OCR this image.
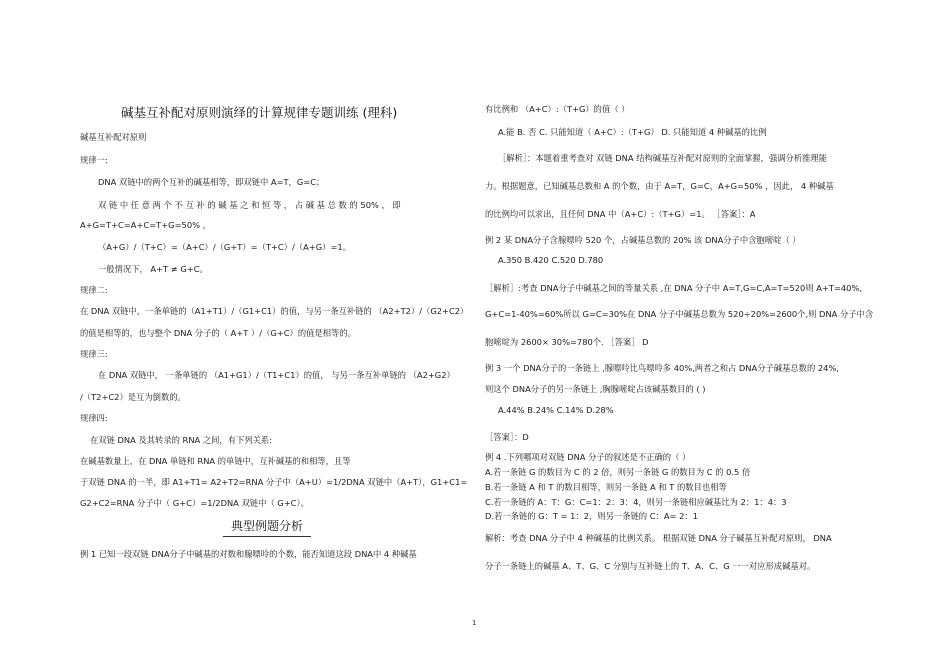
碱基互补配对原则演绎的计算规律专题训练 (理科)
碱基互补配对原则
规律一:
DNA 双链中的两个互补的碱基相等，即双链中 A=T，G=C；
双 链 中 任 意 两 个 不 互 补 的 碱 基 之 和 恒 等 ， 占 碱 基 总 数 的 50% ， 即
A+G=T+C=A+C=T+G=50% ，
（A+G）/（T+C）=（A+C）/（G+T）=（T+C）/（A+G）=1。
一般情况下， A+T ≠ G+C。
规律二:
在 DNA 双链中，一条单链的（A1+T1）/（G1+C1）的值，与另一条互补链的 （A2+T2）/（G2+C2）
的值是相等的，也与整个 DNA 分子的（ A+T ）/（G+C）的值是相等的。
规律三:
在 DNA 双链中， 一条单链的 （A1+G1）/（T1+C1）的值， 与另一条互补单链的 （A2+G2）
/（T2+C2）是互为倒数的。
规律四:
在双链 DNA 及其转录的 RNA 之间，有下列关系:
在碱基数量上，在 DNA 单链和 RNA 的单链中，互补碱基的和相等，且等
于双链 DNA 的一半，即 A1+T1= A2+T2=RNA 分子中（A+U）=1/2DNA 双链中（A+T），G1+C1=
G2+C2=RNA 分子中（ G+C）=1/2DNA 双链中（ G+C）。
典型例题分析
例 1 已知一段双链 DNA分子中碱基的对数和腺嘌呤的个数，能否知道这段 DNA中 4 种碱基
有比例和 （A+C）:（T+G）的值（ ）
A.能 B. 否 C. 只能知道（ A+C）:（T+G） D. 只能知道 4 种碱基的比例
［解析］：本题着重考查对 双链 DNA 结构碱基互补配对原则的全面掌握，强调分析推理能
力。根据题意，已知碱基总数和 A 的个数，由于 A=T，G=C，A+G=50% ，因此， 4 种碱基
的比例均可以求出，且任何 DNA 中（A+C）:（T+G）=1。 ［答案］：A
例 2 某 DNA分子含腺嘌呤 520 个，占碱基总数的 20% 该 DNA分子中含胞嘧啶（ ）
A.350 B.420 C.520 D.780
［解析］:考查 DNA分子中碱基之间的等量关系 ,在 DNA 分子中 A=T,G=C,A=T=520则 A+T=40%,
G+C=1-40%=60%所以 G=C=30%在 DNA 分子中碱基总数为 520÷20%=2600个,则 DNA 分子中含
胞嘧啶为 2600× 30%=780个. ［答案］ D
例 3 一个 DNA分子的一条链上 ,腺嘌呤比鸟嘌呤多 40%,两者之和占 DNA分子碱基总数的 24%,
则这个 DNA分子的另一条链上 ,胸腺嘧啶占该碱基数目的 ( )
A.44% B.24% C.14% D.28%
［答案］：D
例 4 .下列哪项对双链 DNA 分子的叙述是不正确的（ ）
A.若一条链 G 的数目为 C 的 2 倍，则另一条链 G 的数目为 C 的 0.5 倍
B.若一条链 A 和 T 的数目相等，则另一条链 A 和 T 的数目也相等
C.若一条链的 A：T：G：C=1：2：3：4，则另一条链相应碱基比为 2：1：4：3
D.若一条链的 G：T = 1：2，则另一条链的 C：A= 2：1
解析：考查 DNA 分子中 4 种碱基的比例关系。 根据双链 DNA 分子碱基互补配对原则， DNA
分子一条链上的碱基 A、T、G、C 分别与互补链上的 T、A、C、G 一一对应形成碱基对。
1
